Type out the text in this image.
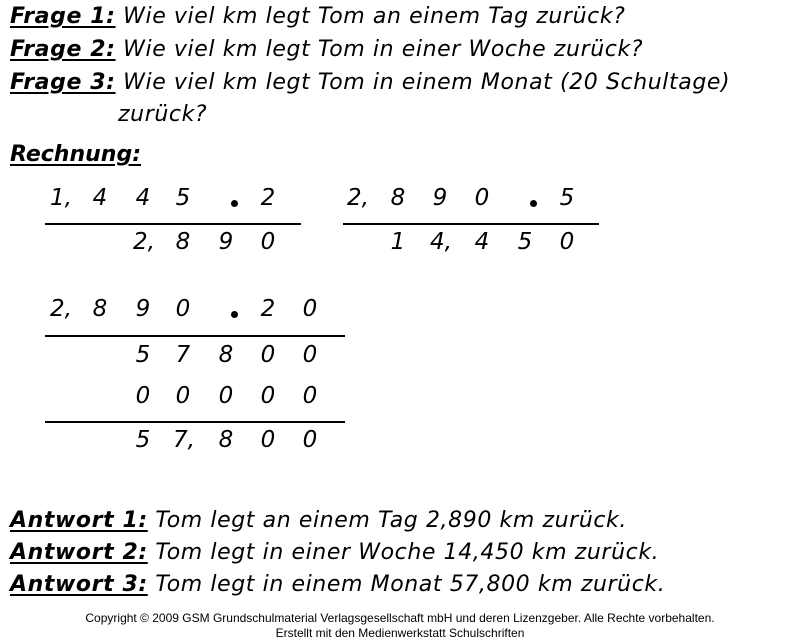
Frage 1: Wie viel km legt Tom an einem Tag zurück?
Frage 2: Wie viel km legt Tom in einer Woche zurück?
Frage 3: Wie viel km legt Tom in einem Monat (20 Schultage)
zurück?
Rechnung:
1, 4 4 5	2
2, 8 9 0
2, 8 9 0	5
1 4, 4 5 0
2, 8 9 0	2 0
5 7 8 0 0
0 0 0 0 0
5 7, 8 0 0
Antwort 1: Tom legt an einem Tag 2,890 km zurück.
Antwort 2: Tom legt in einer Woche 14,450 km zurück.
Antwort 3: Tom legt in einem Monat 57,800 km zurück.
Copyright © 2009 GSM Grundschulmaterial Verlagsgesellschaft mbH und deren Lizenzgeber. Alle Rechte vorbehalten.
Erstellt mit den Medienwerkstatt Schulschriften
